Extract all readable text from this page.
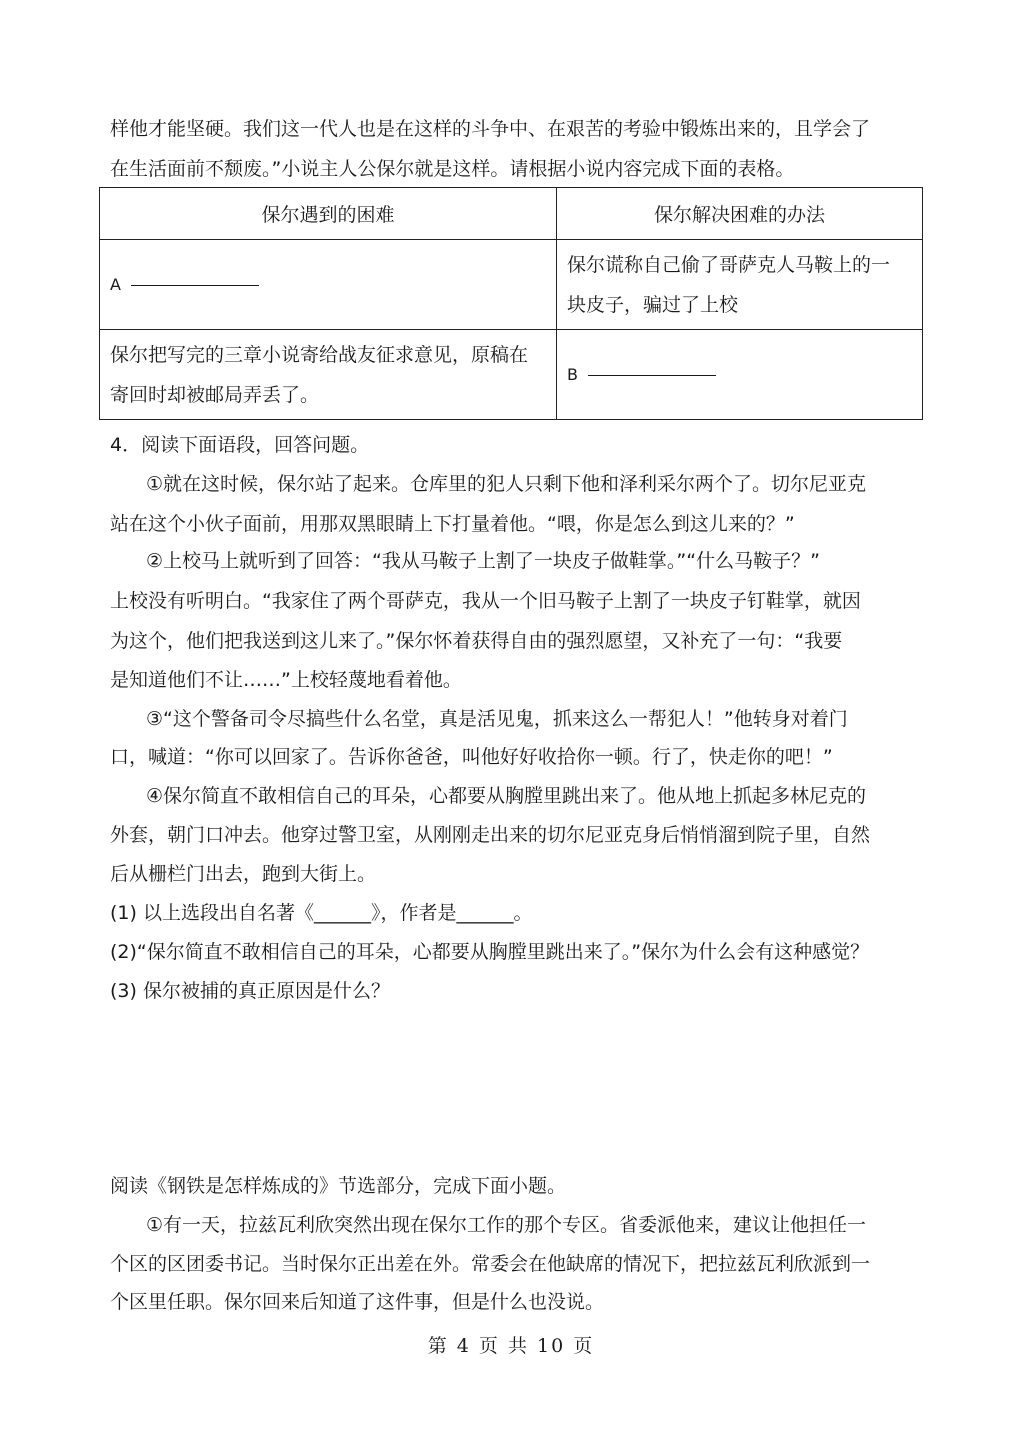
样他才能坚硬。我们这一代人也是在这样的斗争中、在艰苦的考验中锻炼出来的，且学会了
在生活面前不颓废。”小说主人公保尔就是这样。请根据小说内容完成下面的表格。
保尔遇到的困难	保尔解决困难的办法
A	保尔谎称自己偷了哥萨克人马鞍上的一
块皮子，骗过了上校

保尔把写完的三章小说寄给战友征求意见，原稿在
寄回时却被邮局弄丢了。	B
4．阅读下面语段，回答问题。
①就在这时候，保尔站了起来。仓库里的犯人只剩下他和泽利采尔两个了。切尔尼亚克
站在这个小伙子面前，用那双黑眼睛上下打量着他。“喂，你是怎么到这儿来的？”
②上校马上就听到了回答：“我从马鞍子上割了一块皮子做鞋掌。”“什么马鞍子？”
上校没有听明白。“我家住了两个哥萨克，我从一个旧马鞍子上割了一块皮子钉鞋掌，就因
为这个，他们把我送到这儿来了。”保尔怀着获得自由的强烈愿望，又补充了一句：“我要
是知道他们不让……”上校轻蔑地看着他。
③“这个警备司令尽搞些什么名堂，真是活见鬼，抓来这么一帮犯人！”他转身对着门
口，喊道：“你可以回家了。告诉你爸爸，叫他好好收拾你一顿。行了，快走你的吧！”
④保尔简直不敢相信自己的耳朵，心都要从胸膛里跳出来了。他从地上抓起多林尼克的
外套，朝门口冲去。他穿过警卫室，从刚刚走出来的切尔尼亚克身后悄悄溜到院子里，自然
后从栅栏门出去，跑到大街上。
(1) 以上选段出自名著《______》，作者是______。
(2)“保尔简直不敢相信自己的耳朵，心都要从胸膛里跳出来了。”保尔为什么会有这种感觉？
(3) 保尔被捕的真正原因是什么？
阅读《钢铁是怎样炼成的》节选部分，完成下面小题。
①有一天，拉兹瓦利欣突然出现在保尔工作的那个专区。省委派他来，建议让他担任一
个区的区团委书记。当时保尔正出差在外。常委会在他缺席的情况下，把拉兹瓦利欣派到一
个区里任职。保尔回来后知道了这件事，但是什么也没说。
第 4 页 共 10 页
